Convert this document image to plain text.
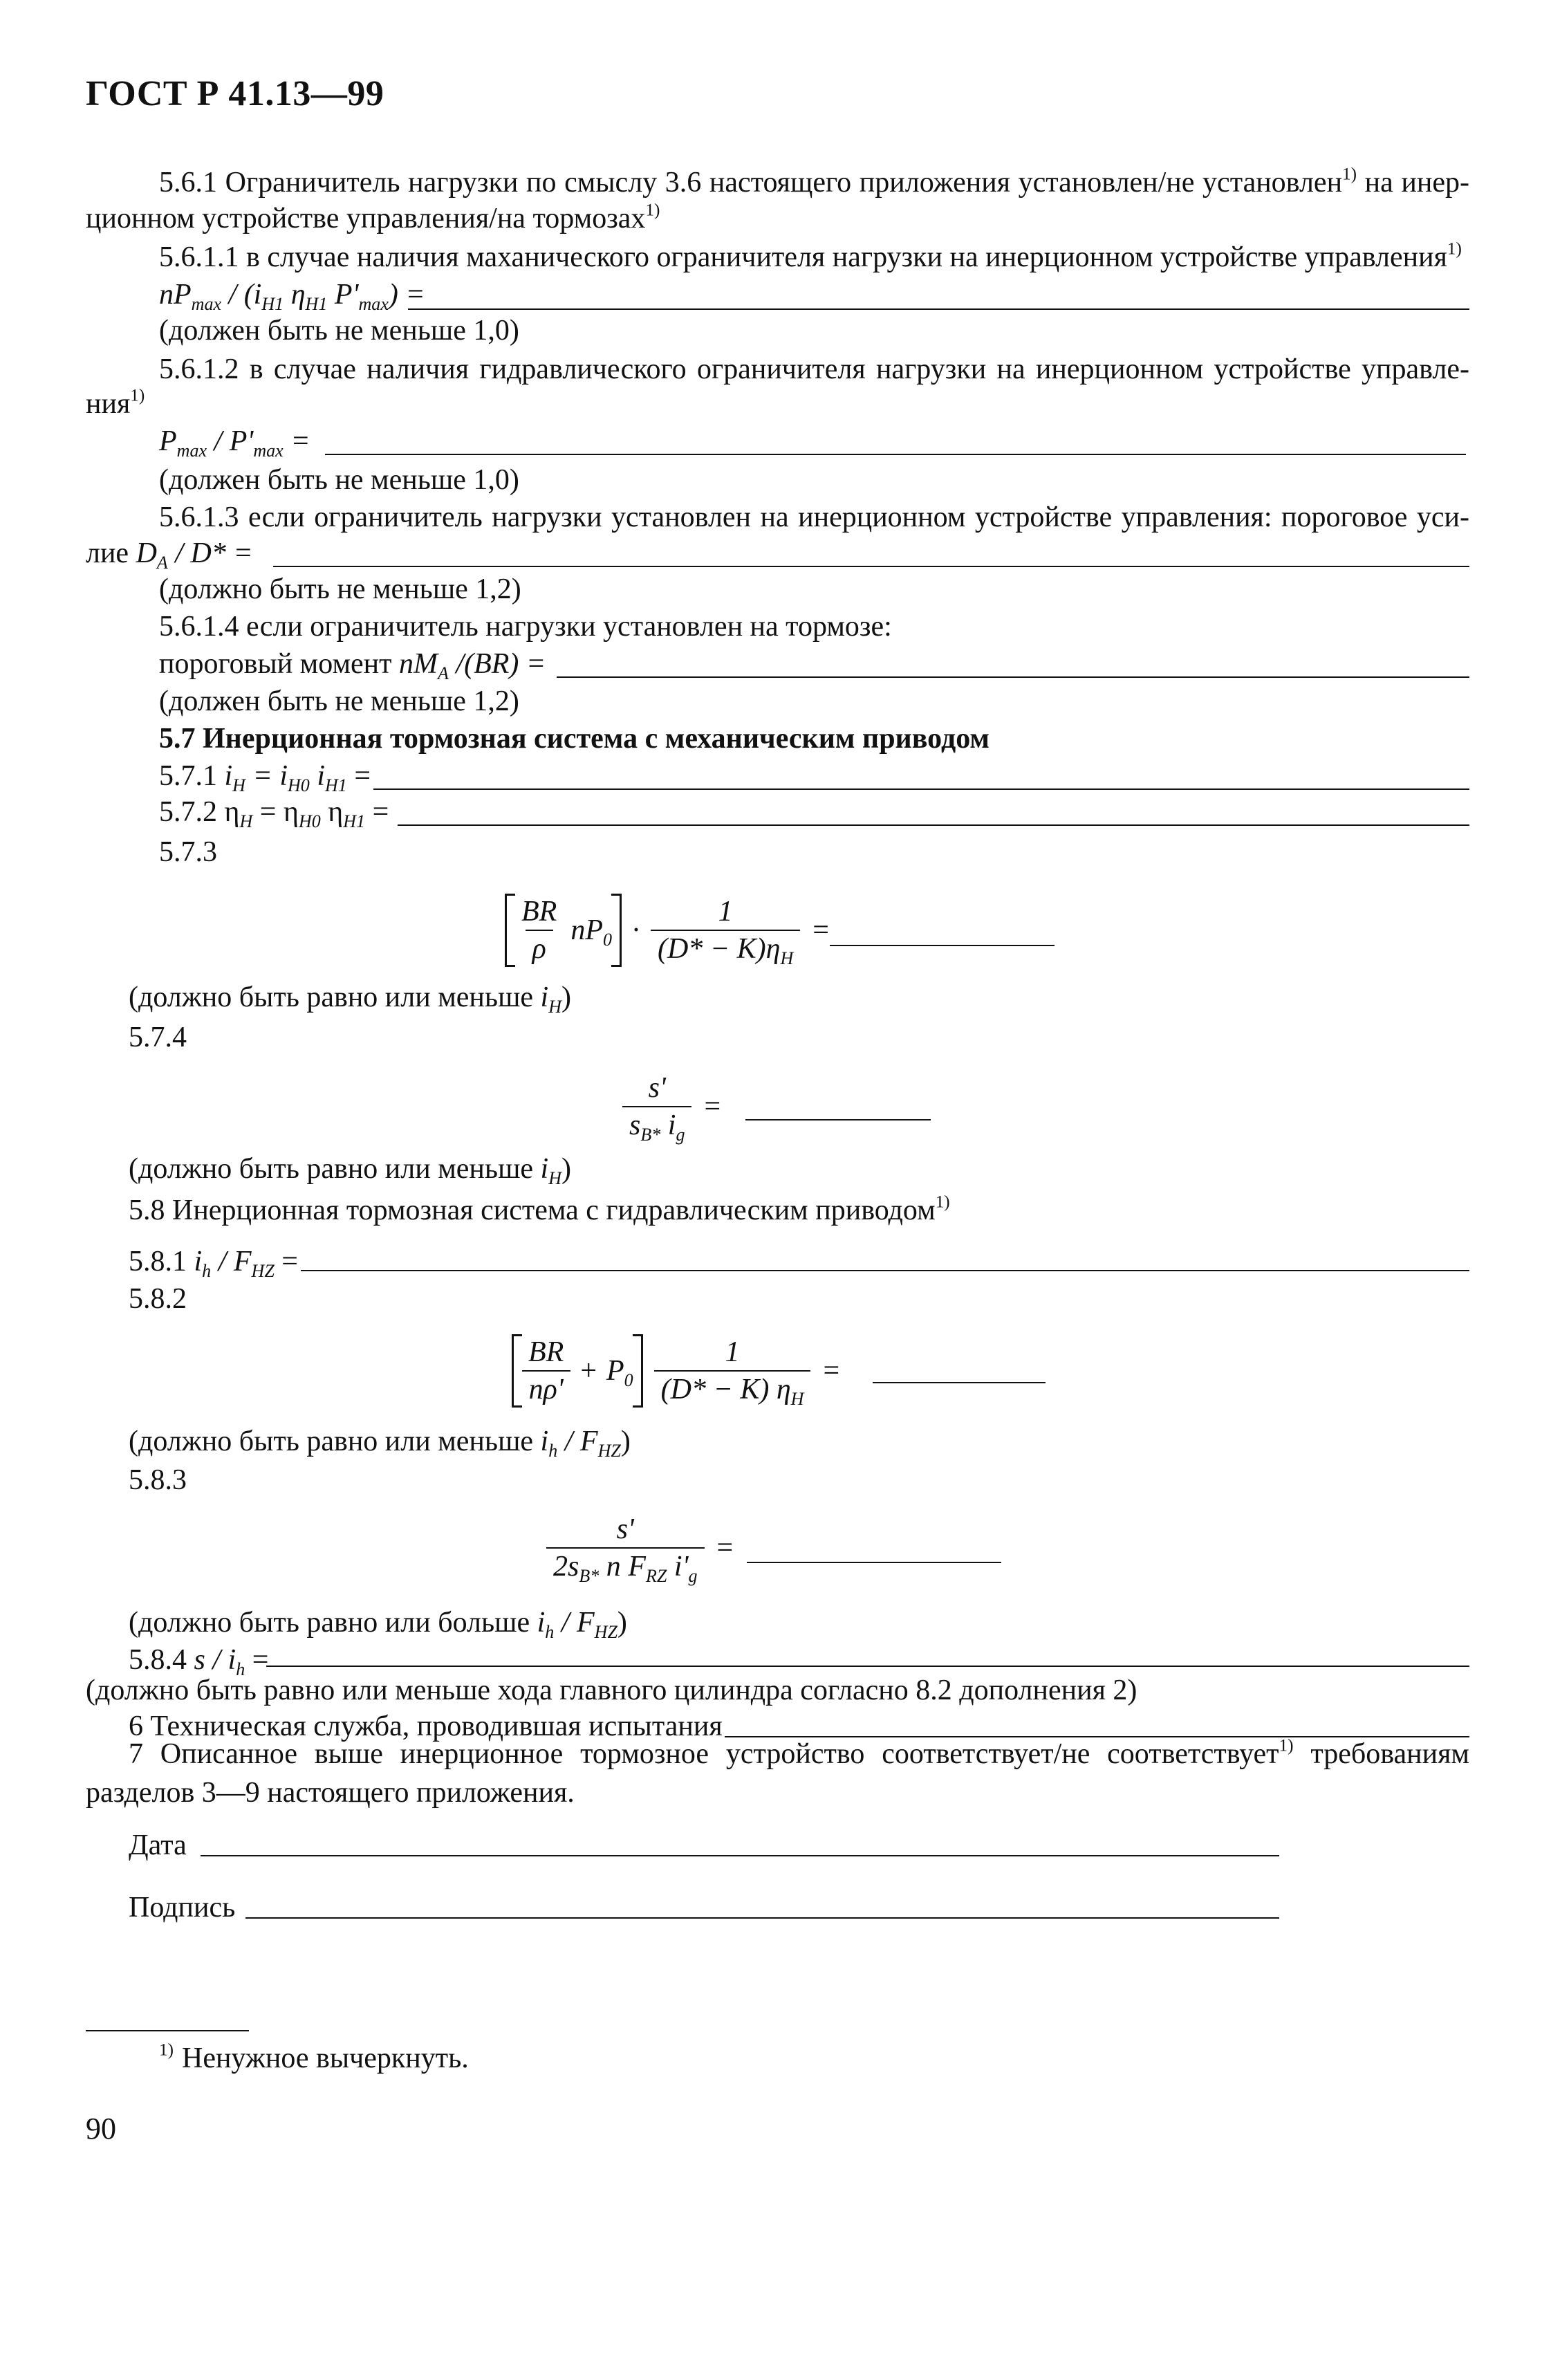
ГОСТ Р 41.13—99
5.6.1 Ограничитель нагрузки по смыслу 3.6 настоящего приложения установлен/не установлен$^{1)}$ на инер-
ционном устройстве управления/на тормозах$^{1)}$
5.6.1.1 в случае наличия маханического ограничителя нагрузки на инерционном устройстве управления$^{1)}$
$nP_{max} / (i_{H1}$ $\eta_{H1}$ $P'_{max}$) =
(должен быть не меньше 1,0)
5.6.1.2 в случае наличия гидравлического ограничителя нагрузки на инерционном устройстве управле-
ния$^{1)}$
$P_{max} / P'_{max}$ =
(должен быть не меньше 1,0)
5.6.1.3 если ограничитель нагрузки установлен на инерционном устройстве управления: пороговое уси-
лие $D_A / D*$ =
(должно быть не меньше 1,2)
5.6.1.4 если ограничитель нагрузки установлен на тормозе:
пороговый момент $nM_A$ /(BR) =
(должен быть не меньше 1,2)
5.7 Инерционная тормозная система с механическим приводом
5.7.1 $i_H = i_{H0}$ $i_{H1}$ =
5.7.2 $\eta_H = \eta_{H0}$ $\eta_{H1}$ =
5.7.3
$\frac{BR}{\rho} nP_0 \cdot \frac{1}{(D* - K)\eta_H}$ =
(должно быть равно или меньше $i_H$)
5.7.4
$\frac{s'}{s_{B*} i_g}$ =
(должно быть равно или меньше $i_H$)
5.8 Инерционная тормозная система с гидравлическим приводом$^{1)}$
5.8.1 $i_h / F_{HZ}$ =
5.8.2
$\frac{BR}{n\rho'} + P_0 \frac{1}{(D* - K) \eta_H}$ =
(должно быть равно или меньше $i_h / F_{HZ}$)
5.8.3
$\frac{s'}{2s_{B*} n F_{RZ} i'_g}$ =
(должно быть равно или больше $i_h / F_{HZ}$)
5.8.4 s / $i_h$ =
(должно быть равно или меньше хода главного цилиндра согласно 8.2 дополнения 2)
6 Техническая служба, проводившая испытания
7 Описанное выше инерционное тормозное устройство соответствует/не соответствует$^{1)}$ требованиям
разделов 3—9 настоящего приложения.
Дата
Подпись
$^{1)}$ Ненужное вычеркнуть.
90
